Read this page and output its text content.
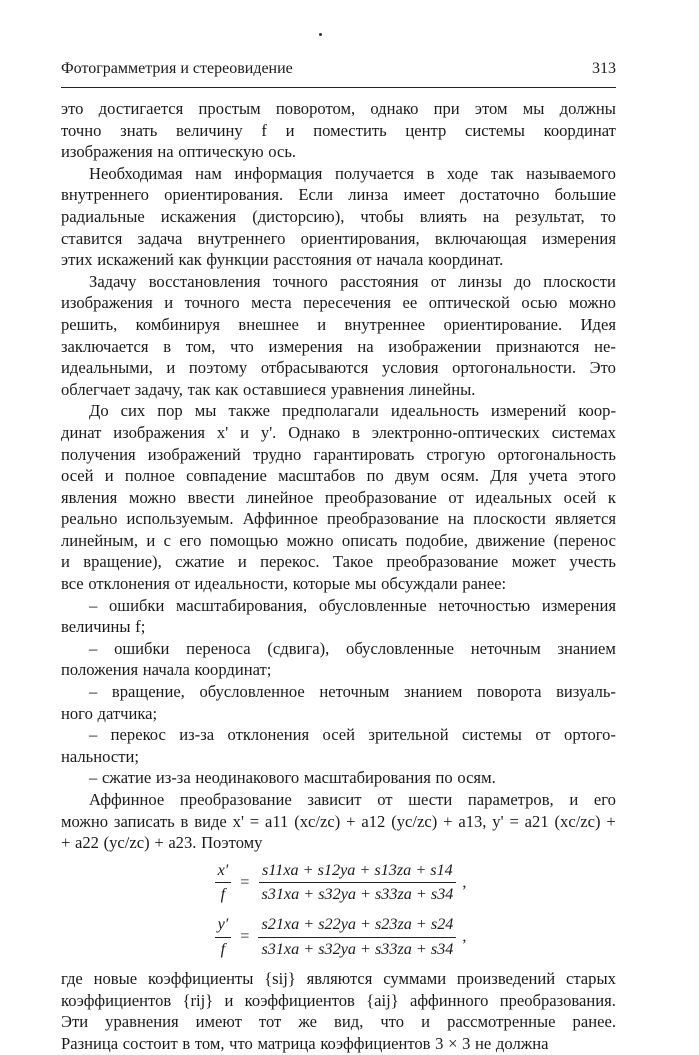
Фотограмметрия и стереовидение	313
это достигается простым поворотом, однако при этом мы должны
точно знать величину f и поместить центр системы координат
изображения на оптическую ось.
Необходимая нам информация получается в ходе так называемого
внутреннего ориентирования. Если линза имеет достаточно большие
радиальные искажения (дисторсию), чтобы влиять на результат, то
ставится задача внутреннего ориентирования, включающая измерения
этих искажений как функции расстояния от начала координат.
Задачу восстановления точного расстояния от линзы до плоскости
изображения и точного места пересечения ее оптической осью можно
решить, комбинируя внешнее и внутреннее ориентирование. Идея
заключается в том, что измерения на изображении признаются не-
идеальными, и поэтому отбрасываются условия ортогональности. Это
облегчает задачу, так как оставшиеся уравнения линейны.
До сих пор мы также предполагали идеальность измерений коор-
динат изображения x' и y'. Однако в электронно-оптических системах
получения изображений трудно гарантировать строгую ортогональность
осей и полное совпадение масштабов по двум осям. Для учета этого
явления можно ввести линейное преобразование от идеальных осей к
реально используемым. Аффинное преобразование на плоскости является
линейным, и с его помощью можно описать подобие, движение (перенос
и вращение), сжатие и перекос. Такое преобразование может учесть
все отклонения от идеальности, которые мы обсуждали ранее:
– ошибки масштабирования, обусловленные неточностью измерения
величины f;
– ошибки переноса (сдвига), обусловленные неточным знанием
положения начала координат;
– вращение, обусловленное неточным знанием поворота визуаль-
ного датчика;
– перекос из-за отклонения осей зрительной системы от ортого-
нальности;
– сжатие из-за неодинакового масштабирования по осям.
Аффинное преобразование зависит от шести параметров, и его
можно записать в виде x' = a11 (xc/zc) + a12 (yc/zc) + a13, y' = a21 (xc/zc) +
+ a22 (yc/zc) + a23. Поэтому
$\frac{x'}{f} = \frac{s11xa + s12ya + s13za + s14}{s31xa + s32ya + s33za + s34}$ ,
$\frac{y'}{f} = \frac{s21xa + s22ya + s23za + s24}{s31xa + s32ya + s33za + s34}$ ,
где новые коэффициенты {sij} являются суммами произведений старых
коэффициентов {rij} и коэффициентов {aij} аффинного преобразования.
Эти уравнения имеют тот же вид, что и рассмотренные ранее.
Разница состоит в том, что матрица коэффициентов 3 × 3 не должна
